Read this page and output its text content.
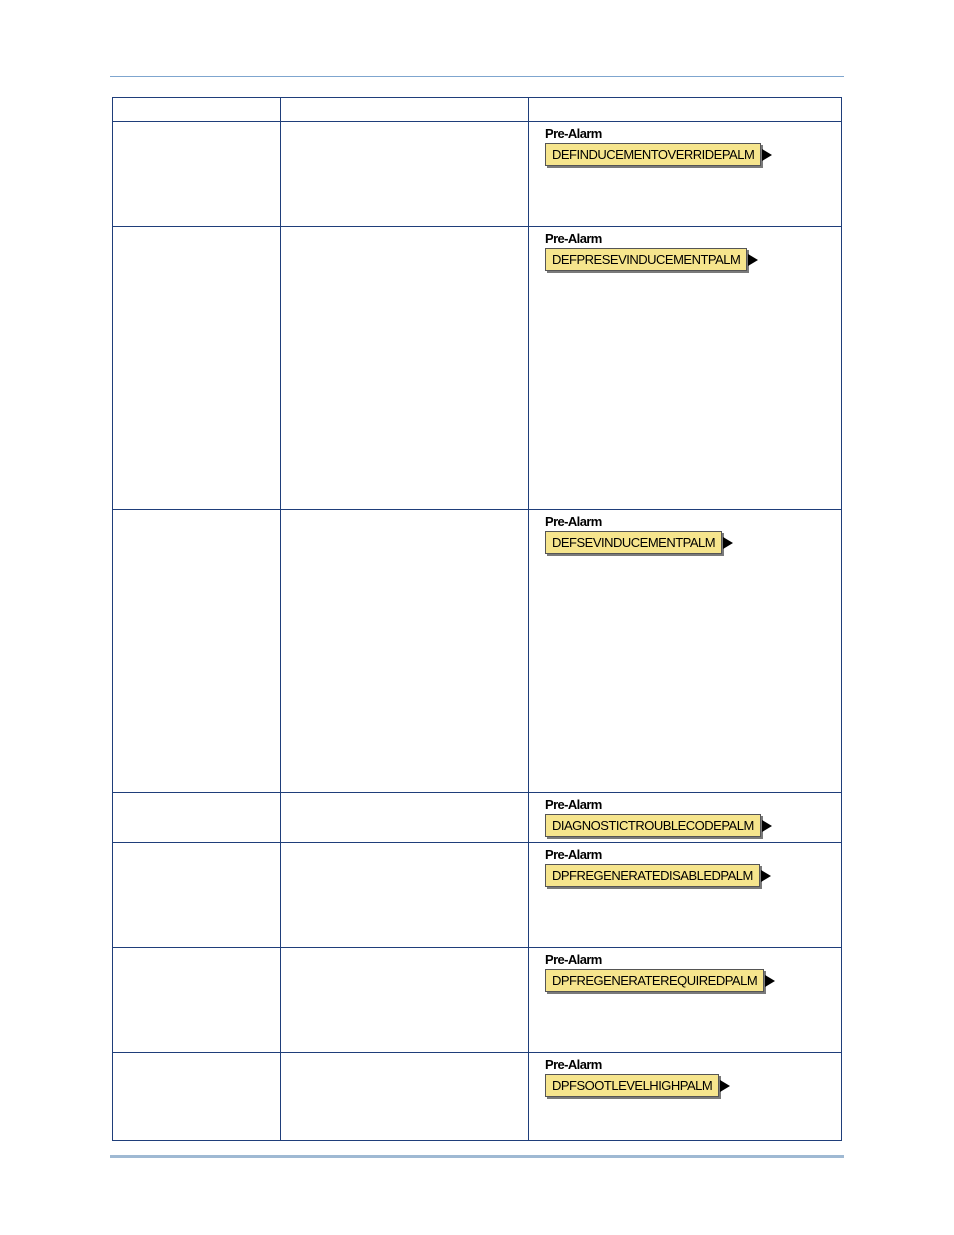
		Pre-Alarm
DEFINDUCEMENTOVERRIDEPALM

		Pre-Alarm
DEFPRESEVINDUCEMENTPALM

		Pre-Alarm
DEFSEVINDUCEMENTPALM

		Pre-Alarm
DIAGNOSTICTROUBLECODEPALM

		Pre-Alarm
DPFREGENERATEDISABLEDPALM

		Pre-Alarm
DPFREGENERATEREQUIREDPALM

		Pre-Alarm
DPFSOOTLEVELHIGHPALM
